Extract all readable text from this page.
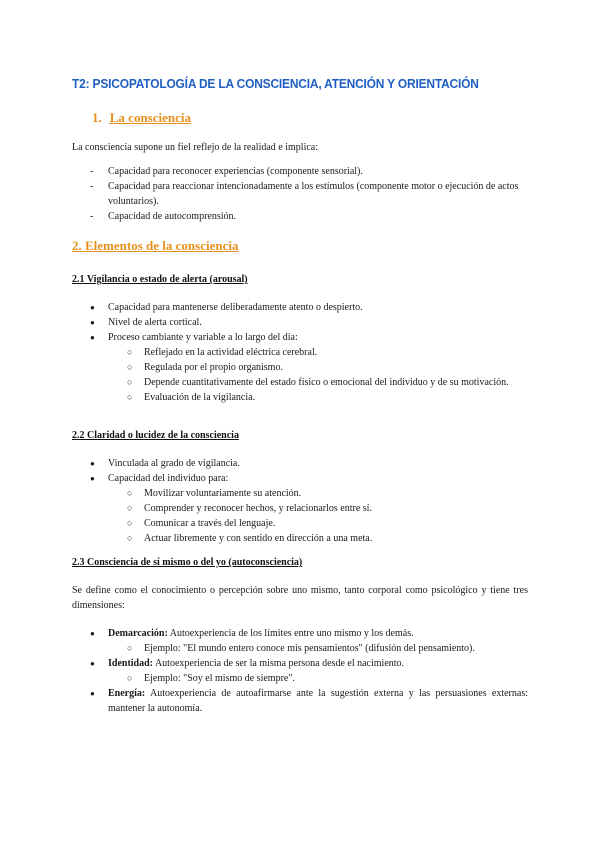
T2: PSICOPATOLOGÍA DE LA CONSCIENCIA, ATENCIÓN Y ORIENTACIÓN
1. La consciencia
La consciencia supone un fiel reflejo de la realidad e implica:
- Capacidad para reconocer experiencias (componente sensorial).
- Capacidad para reaccionar intencionadamente a los estímulos (componente motor o ejecución de actos voluntarios).
- Capacidad de autocomprensión.
2. Elementos de la consciencia
2.1 Vigilancia o estado de alerta (arousal)
● Capacidad para mantenerse deliberadamente atento o despierto.
● Nivel de alerta cortical.
● Proceso cambiante y variable a lo largo del día:
○ Reflejado en la actividad eléctrica cerebral.
○ Regulada por el propio organismo.
○ Depende cuantitativamente del estado físico o emocional del individuo y de su motivación.
○ Evaluación de la vigilancia.
2.2 Claridad o lucidez de la consciencia
● Vinculada al grado de vigilancia.
● Capacidad del individuo para:
○ Movilizar voluntariamente su atención.
○ Comprender y reconocer hechos, y relacionarlos entre sí.
○ Comunicar a través del lenguaje.
○ Actuar libremente y con sentido en dirección a una meta.
2.3 Consciencia de sí mismo o del yo (autoconsciencia)
Se define como el conocimiento o percepción sobre uno mismo, tanto corporal como psicológico y tiene tres dimensiones:
● Demarcación: Autoexperiencia de los límites entre uno mismo y los demás.
○ Ejemplo: "El mundo entero conoce mis pensamientos" (difusión del pensamiento).
● Identidad: Autoexperiencia de ser la misma persona desde el nacimiento.
○ Ejemplo: "Soy el mismo de siempre".
● Energía: Autoexperiencia de autoafirmarse ante la sugestión externa y las persuasiones externas: mantener la autonomía.
